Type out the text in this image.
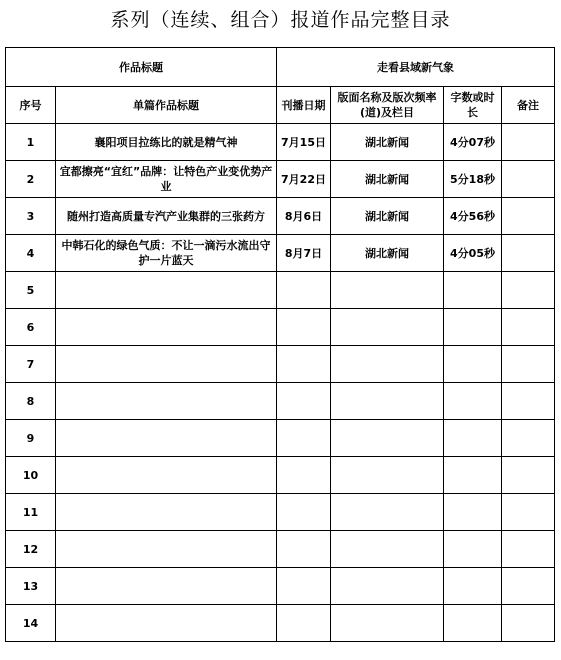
系列（连续、组合）报道作品完整目录
作品标题		走看县域新气象			
序号	单篇作品标题	刊播日期	版面名称及版次频率(道)及栏目	字数或时长	备注
1	襄阳项目拉练比的就是精气神	7月15日	湖北新闻	4分07秒	
2	宜都擦亮“宜红”品牌：让特色产业变优势产业	7月22日	湖北新闻	5分18秒	
3	随州打造高质量专汽产业集群的三张药方	8月6日	湖北新闻	4分56秒	
4	中韩石化的绿色气质：不让一滴污水流出守护一片蓝天	8月7日	湖北新闻	4分05秒	
5					
6					
7					
8					
9					
10					
11					
12					
13					
14					
